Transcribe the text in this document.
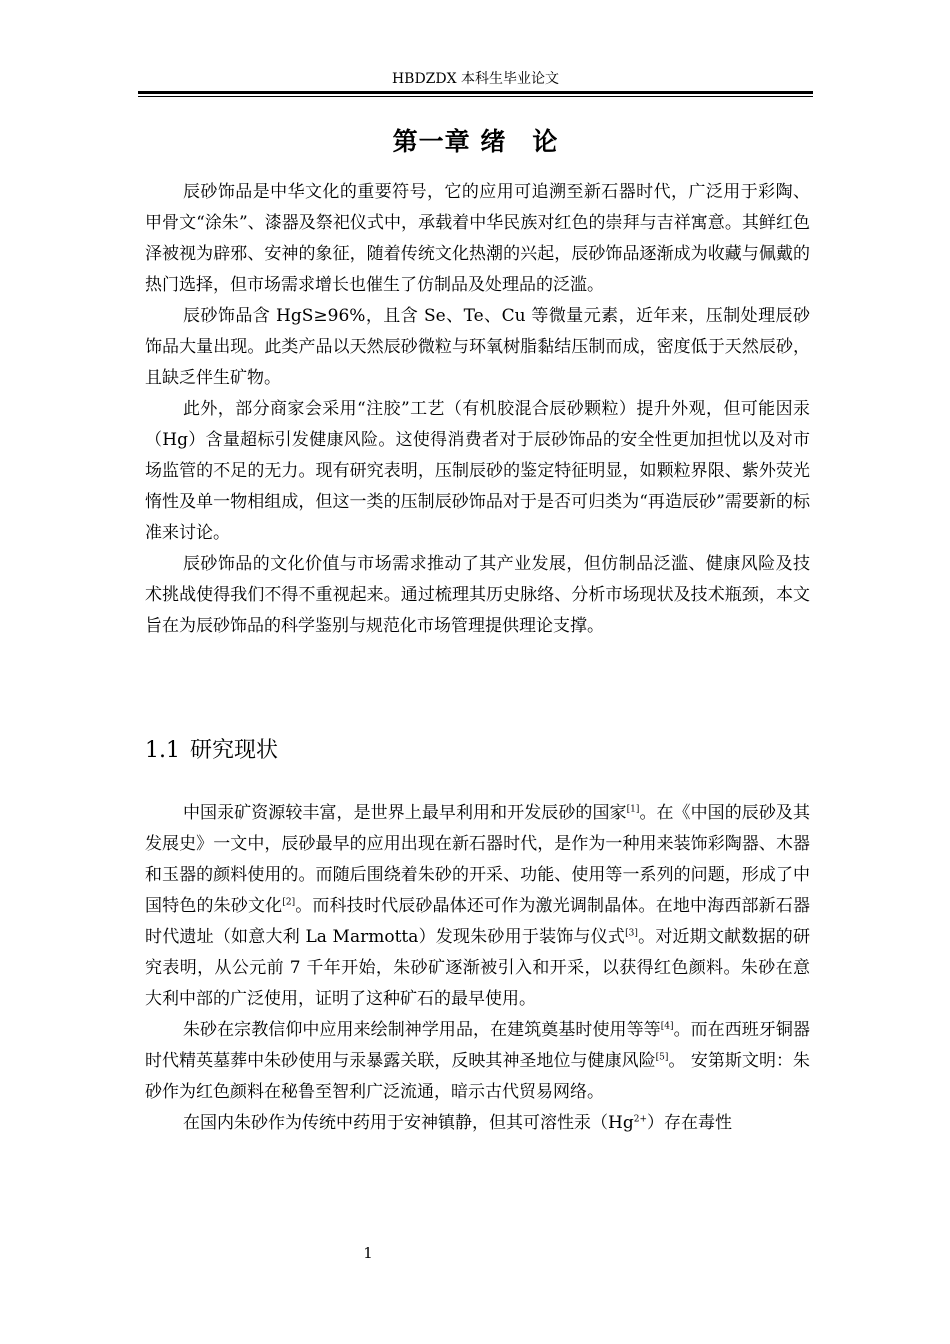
HBDZDX 本科生毕业论文
第一章 绪　论

辰砂饰品是中华文化的重要符号，它的应用可追溯至新石器时代，广泛用于彩陶、甲骨文“涂朱”、漆器及祭祀仪式中，承载着中华民族对红色的崇拜与吉祥寓意。其鲜红色泽被视为辟邪、安神的象征，随着传统文化热潮的兴起，辰砂饰品逐渐成为收藏与佩戴的热门选择，但市场需求增长也催生了仿制品及处理品的泛滥。

辰砂饰品含 HgS≥96%，且含 Se、Te、Cu 等微量元素，近年来，压制处理辰砂饰品大量出现。此类产品以天然辰砂微粒与环氧树脂黏结压制而成，密度低于天然辰砂，且缺乏伴生矿物。

此外，部分商家会采用“注胶”工艺（有机胶混合辰砂颗粒）提升外观，但可能因汞（Hg）含量超标引发健康风险。这使得消费者对于辰砂饰品的安全性更加担忧以及对市场监管的不足的无力。现有研究表明，压制辰砂的鉴定特征明显，如颗粒界限、紫外荧光惰性及单一物相组成，但这一类的压制辰砂饰品对于是否可归类为“再造辰砂”需要新的标准来讨论。

辰砂饰品的文化价值与市场需求推动了其产业发展，但仿制品泛滥、健康风险及技术挑战使得我们不得不重视起来。通过梳理其历史脉络、分析市场现状及技术瓶颈，本文旨在为辰砂饰品的科学鉴别与规范化市场管理提供理论支撑。

1.1 研究现状

中国汞矿资源较丰富，是世界上最早利用和开发辰砂的国家[1]。在《中国的辰砂及其发展史》一文中，辰砂最早的应用出现在新石器时代，是作为一种用来装饰彩陶器、木器和玉器的颜料使用的。而随后围绕着朱砂的开采、功能、使用等一系列的问题，形成了中国特色的朱砂文化[2]。而科技时代辰砂晶体还可作为激光调制晶体。在地中海西部新石器时代遗址（如意大利 La Marmotta）发现朱砂用于装饰与仪式[3]。对近期文献数据的研究表明，从公元前 7 千年开始，朱砂矿逐渐被引入和开采，以获得红色颜料。朱砂在意大利中部的广泛使用，证明了这种矿石的最早使用。

朱砂在宗教信仰中应用来绘制神学用品，在建筑奠基时使用等等[4]。而在西班牙铜器时代精英墓葬中朱砂使用与汞暴露关联，反映其神圣地位与健康风险[5]。 安第斯文明：朱砂作为红色颜料在秘鲁至智利广泛流通，暗示古代贸易网络。

在国内朱砂作为传统中药用于安神镇静，但其可溶性汞$(Hg^{2+})$存在毒性

1
